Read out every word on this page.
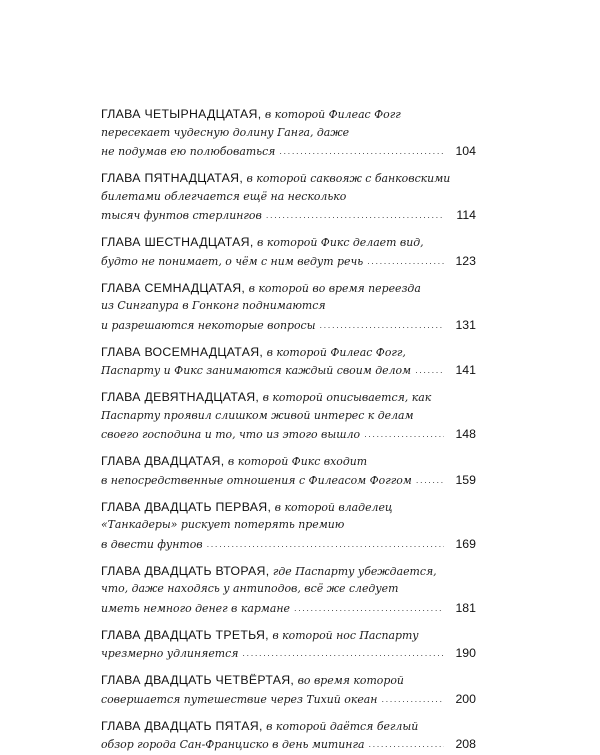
ГЛАВА ЧЕТЫРНАДЦАТАЯ, в которой Филеас Фогг
пересекает чудесную долину Ганга, даже
не подумав ею полюбоваться .....	104
ГЛАВА ПЯТНАДЦАТАЯ, в которой саквояж с банковскими
билетами облегчается ещё на несколько
тысяч фунтов стерлингов .....	114
ГЛАВА ШЕСТНАДЦАТАЯ, в которой Фикс делает вид,
будто не понимает, о чём с ним ведут речь .....	123
ГЛАВА СЕМНАДЦАТАЯ, в которой во время переезда
из Сингапура в Гонконг поднимаются
и разрешаются некоторые вопросы .....	131
ГЛАВА ВОСЕМНАДЦАТАЯ, в которой Филеас Фогг,
Паспарту и Фикс занимаются каждый своим делом .....	141
ГЛАВА ДЕВЯТНАДЦАТАЯ, в которой описывается, как
Паспарту проявил слишком живой интерес к делам
своего господина и то, что из этого вышло .....	148
ГЛАВА ДВАДЦАТАЯ, в которой Фикс входит
в непосредственные отношения с Филеасом Фоггом .....	159
ГЛАВА ДВАДЦАТЬ ПЕРВАЯ, в которой владелец
«Танкадеры» рискует потерять премию
в двести фунтов .....	169
ГЛАВА ДВАДЦАТЬ ВТОРАЯ, где Паспарту убеждается,
что, даже находясь у антиподов, всё же следует
иметь немного денег в кармане .....	181
ГЛАВА ДВАДЦАТЬ ТРЕТЬЯ, в которой нос Паспарту
чрезмерно удлиняется .....	190
ГЛАВА ДВАДЦАТЬ ЧЕТВЁРТАЯ, во время которой
совершается путешествие через Тихий океан .....	200
ГЛАВА ДВАДЦАТЬ ПЯТАЯ, в которой даётся беглый
обзор города Сан-Франциско в день митинга .....	208
